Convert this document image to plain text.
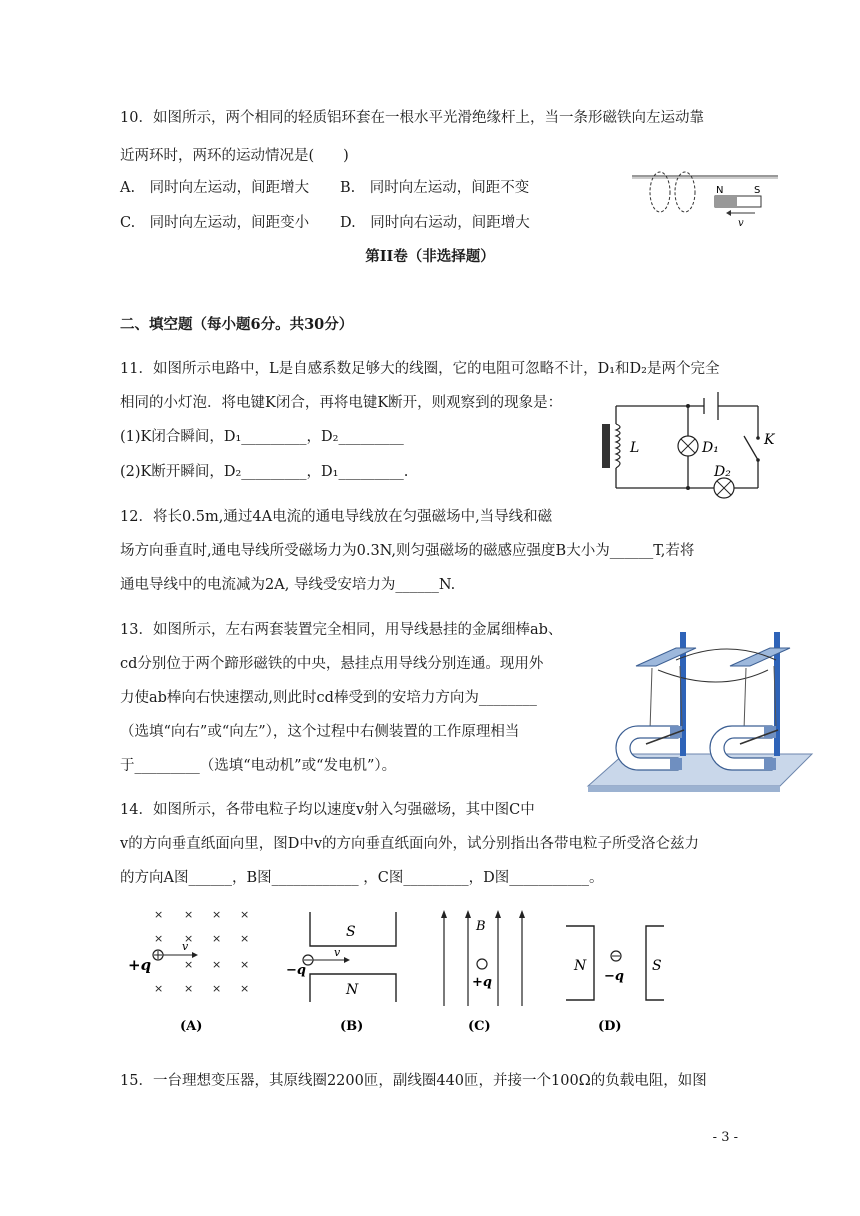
10．如图所示，两个相同的轻质铝环套在一根水平光滑绝缘杆上，当一条形磁铁向左运动靠
近两环时，两环的运动情况是(　　)
A.　同时向左运动，间距增大 B.　同时向左运动，间距不变
C.　同时向左运动，间距变小 D.　同时向右运动，间距增大
N	S
v
第II卷（非选择题）
二、填空题（每小题6分。共30分）
11．如图所示电路中，L是自感系数足够大的线圈，它的电阻可忽略不计，D₁和D₂是两个完全
相同的小灯泡．将电键K闭合，再将电键K断开，则观察到的现象是：
(1)K闭合瞬间，D₁_________，D₂_________
(2)K断开瞬间，D₂_________，D₁_________.
K
L	D₁
D₂
12．将长0.5m,通过4A电流的通电导线放在匀强磁场中,当导线和磁
场方向垂直时,通电导线所受磁场力为0.3N,则匀强磁场的磁感应强度B大小为______T,若将
通电导线中的电流减为2A, 导线受安培力为______N.
13．如图所示，左右两套装置完全相同，用导线悬挂的金属细棒ab、
cd分别位于两个蹄形磁铁的中央，悬挂点用导线分别连通。现用外
力使ab棒向右快速摆动,则此时cd棒受到的安培力方向为________
（选填“向右”或“向左”），这个过程中右侧装置的工作原理相当
于_________（选填“电动机”或“发电机”）。
14．如图所示，各带电粒子均以速度v射入匀强磁场，其中图C中
v的方向垂直纸面向里，图D中v的方向垂直纸面向外，试分别指出各带电粒子所受洛仑兹力
的方向A图______，B图____________ ，C图_________，D图___________。
× × × ×
× × × ×
× × ×
× × × ×
v
+q
(A)
S
N
v
−q
(B)
B
+q
(C)
N	S
−q
(D)
15．一台理想变压器，其原线圈2200匝，副线圈440匝，并接一个100Ω的负载电阻，如图
- 3 -
